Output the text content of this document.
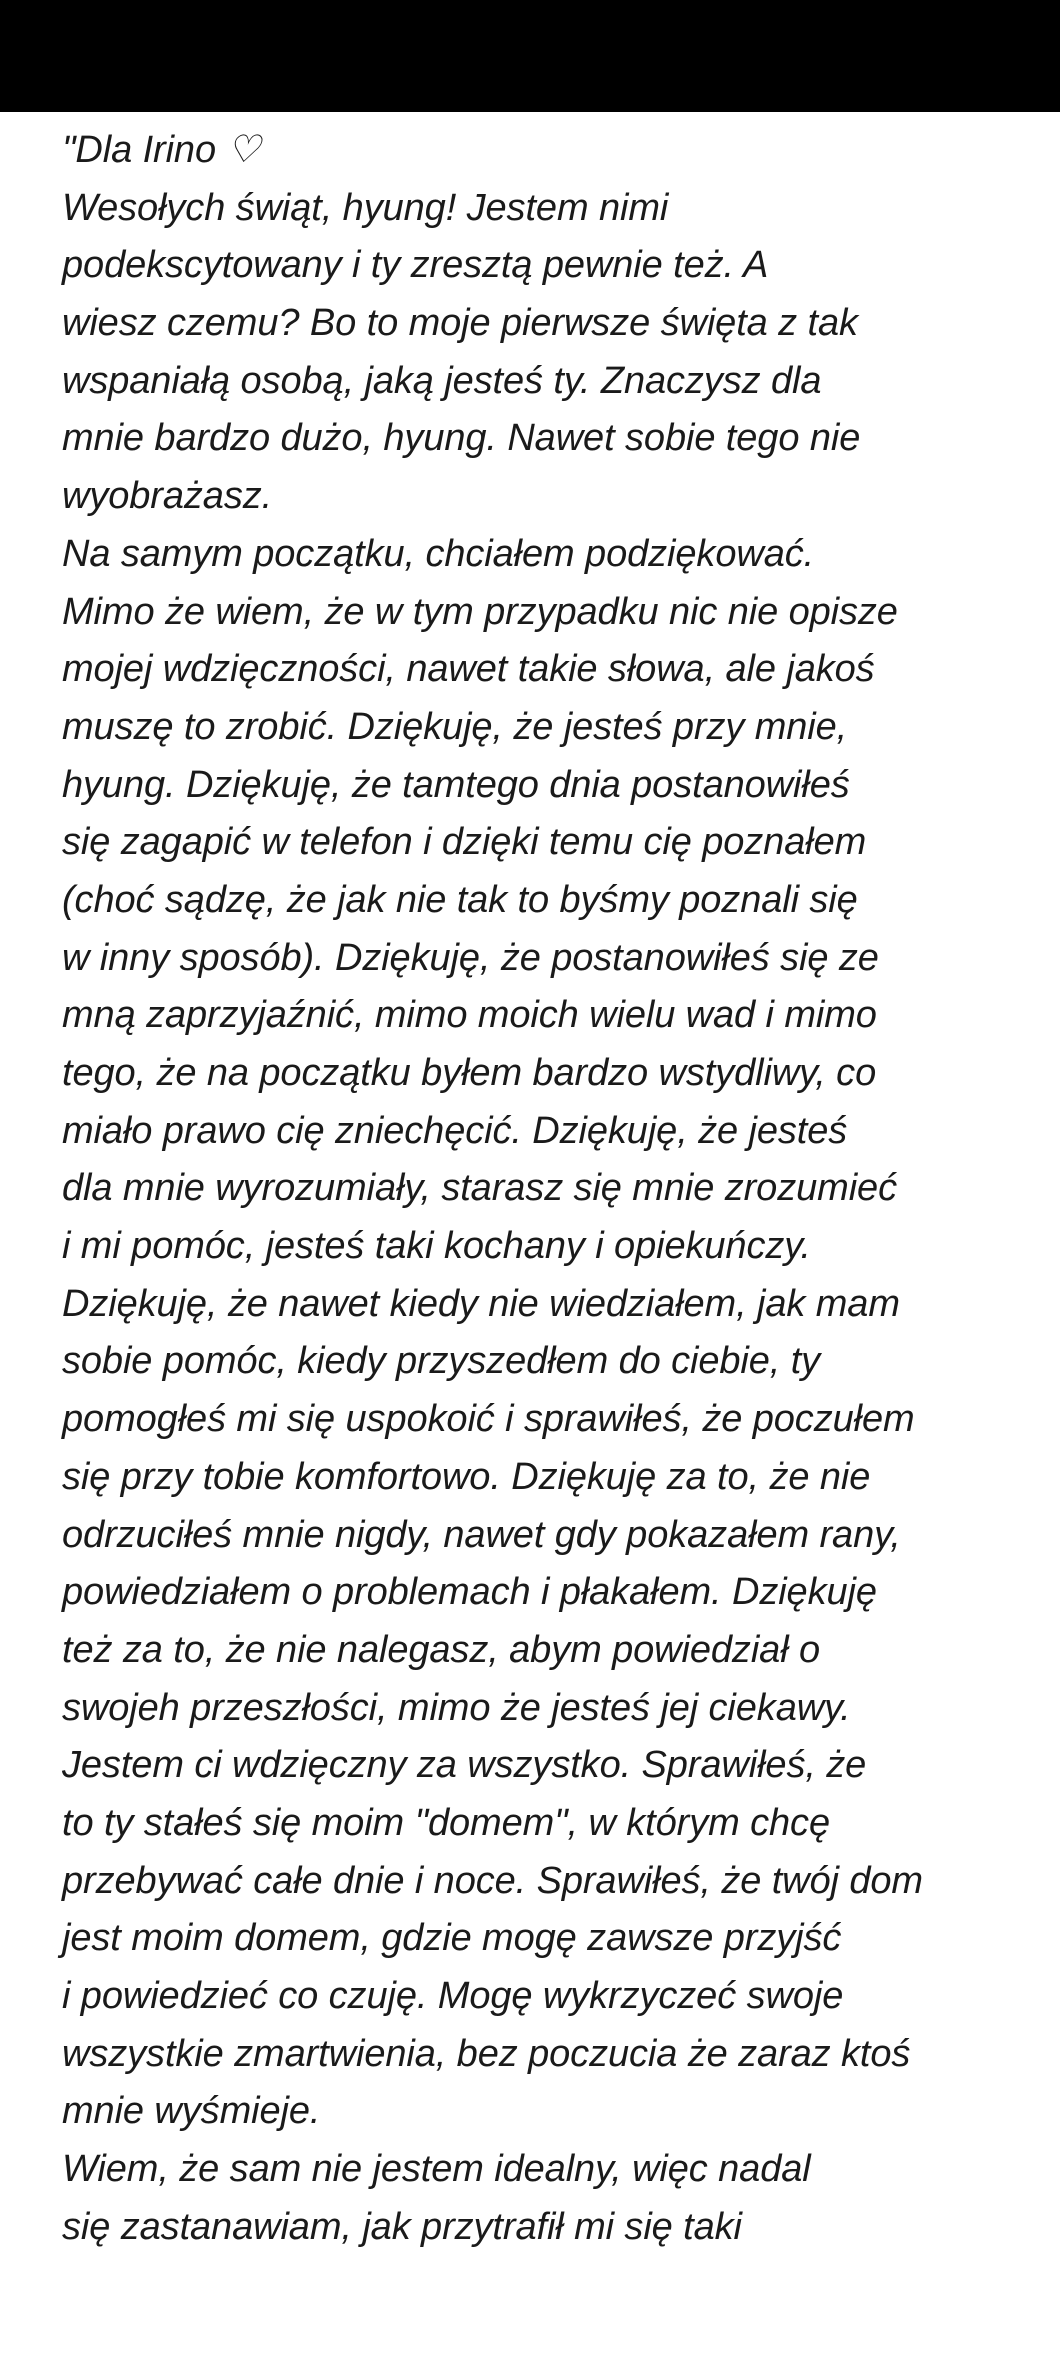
"Dla Irino ♡
Wesołych świąt, hyung! Jestem nimi
podekscytowany i ty zresztą pewnie też. A
wiesz czemu? Bo to moje pierwsze święta z tak
wspaniałą osobą, jaką jesteś ty. Znaczysz dla
mnie bardzo dużo, hyung. Nawet sobie tego nie
wyobrażasz.
Na samym początku, chciałem podziękować.
Mimo że wiem, że w tym przypadku nic nie opisze
mojej wdzięczności, nawet takie słowa, ale jakoś
muszę to zrobić. Dziękuję, że jesteś przy mnie,
hyung. Dziękuję, że tamtego dnia postanowiłeś
się zagapić w telefon i dzięki temu cię poznałem
(choć sądzę, że jak nie tak to byśmy poznali się
w inny sposób). Dziękuję, że postanowiłeś się ze
mną zaprzyjaźnić, mimo moich wielu wad i mimo
tego, że na początku byłem bardzo wstydliwy, co
miało prawo cię zniechęcić. Dziękuję, że jesteś
dla mnie wyrozumiały, starasz się mnie zrozumieć
i mi pomóc, jesteś taki kochany i opiekuńczy.
Dziękuję, że nawet kiedy nie wiedziałem, jak mam
sobie pomóc, kiedy przyszedłem do ciebie, ty
pomogłeś mi się uspokoić i sprawiłeś, że poczułem
się przy tobie komfortowo. Dziękuję za to, że nie
odrzuciłeś mnie nigdy, nawet gdy pokazałem rany,
powiedziałem o problemach i płakałem. Dziękuję
też za to, że nie nalegasz, abym powiedział o
swojeh przeszłości, mimo że jesteś jej ciekawy.
Jestem ci wdzięczny za wszystko. Sprawiłeś, że
to ty stałeś się moim "domem", w którym chcę
przebywać całe dnie i noce. Sprawiłeś, że twój dom
jest moim domem, gdzie mogę zawsze przyjść
i powiedzieć co czuję. Mogę wykrzyczeć swoje
wszystkie zmartwienia, bez poczucia że zaraz ktoś
mnie wyśmieje.
Wiem, że sam nie jestem idealny, więc nadal
się zastanawiam, jak przytrafił mi się taki
